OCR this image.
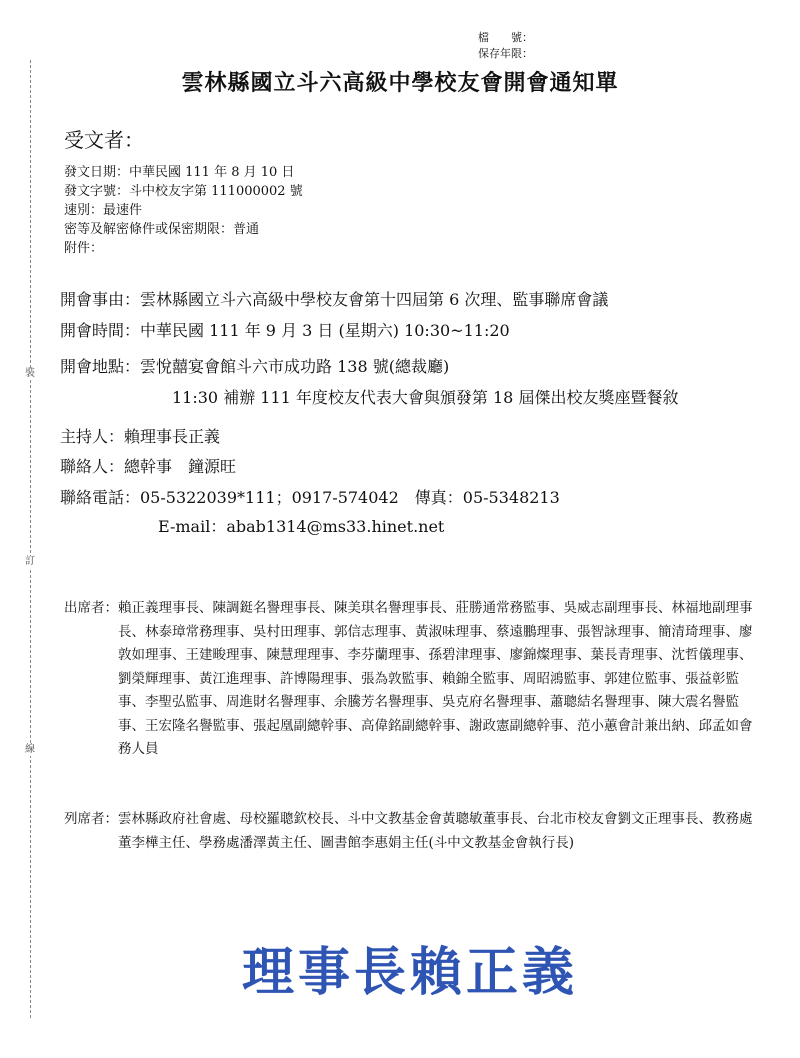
裝
訂
線
檔　　號：
保存年限：
雲林縣國立斗六高級中學校友會開會通知單
受文者：
發文日期：中華民國 111 年 8 月 10 日
發文字號：斗中校友字第 111000002 號
速別：最速件
密等及解密條件或保密期限：普通
附件：
開會事由：雲林縣國立斗六高級中學校友會第十四屆第 6 次理、監事聯席會議
開會時間：中華民國 111 年 9 月 3 日 (星期六) 10:30~11:20
開會地點：雲悅囍宴會館斗六市成功路 138 號(總裁廳)
11:30 補辦 111 年度校友代表大會與頒發第 18 屆傑出校友獎座暨餐敘
主持人：賴理事長正義
聯絡人：總幹事　鐘源旺
聯絡電話：05-5322039*111；0917-574042　傳真：05-5348213
E-mail：abab1314@ms33.hinet.net
出席者： 賴正義理事長、陳調鋌名譽理事長、陳美琪名譽理事長、莊勝通常務監事、吳威志副理事長、林福地副理事長、林泰璋常務理事、吳村田理事、郭信志理事、黃淑味理事、蔡遠鵬理事、張智詠理事、簡清琦理事、廖敦如理事、王建畯理事、陳慧理理事、李芬蘭理事、孫碧津理事、廖錦燦理事、葉長青理事、沈哲儀理事、劉榮輝理事、黃江進理事、許博陽理事、張為敦監事、賴錦全監事、周昭鴻監事、郭建位監事、張益彰監事、李聖弘監事、周進財名譽理事、余騰芳名譽理事、吳克府名譽理事、蕭聰結名譽理事、陳大震名譽監事、王宏隆名譽監事、張起凰副總幹事、高偉銘副總幹事、謝政憲副總幹事、范小蕙會計兼出納、邱孟如會務人員
列席者： 雲林縣政府社會處、母校羅聰欽校長、斗中文教基金會黃聰敏董事長、台北市校友會劉文正理事長、教務處董李樺主任、學務處潘澤黃主任、圖書館李惠娟主任(斗中文教基金會執行長)
理事長賴正義
